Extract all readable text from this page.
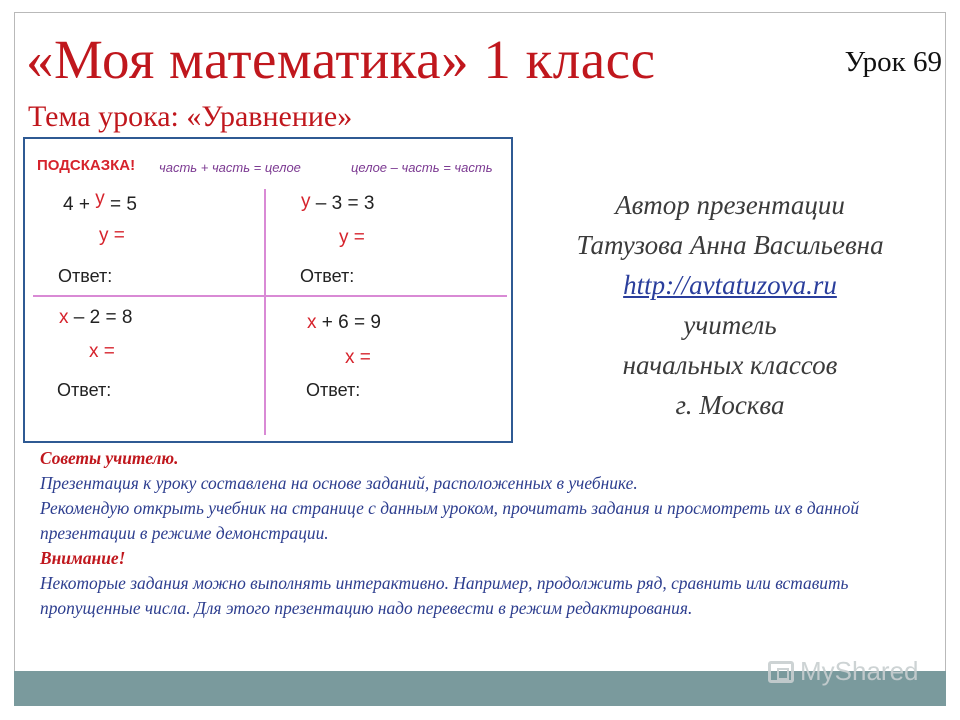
«Моя математика» 1 класс	Урок 69
Тема урока: «Уравнение»
ПОДСКАЗКА! часть + часть = целое	целое – часть = часть
4 + у = 5
у =
Ответ:
у – 3 = 3
у =
Ответ:
х – 2 = 8
х =
Ответ:
х + 6 = 9
х =
Ответ:
Автор презентации
Татузова Анна Васильевна
http://avtatuzova.ru
учитель
начальных классов
г. Москва
Советы учителю.
Презентация к уроку составлена на основе заданий, расположенных в учебнике.
Рекомендую открыть учебник на странице с данным уроком, прочитать задания и просмотреть их в данной презентации в режиме демонстрации.
Внимание!
Некоторые задания можно выполнять интерактивно. Например, продолжить ряд, сравнить или вставить пропущенные числа. Для этого презентацию надо перевести в режим редактирования.
MyShared
